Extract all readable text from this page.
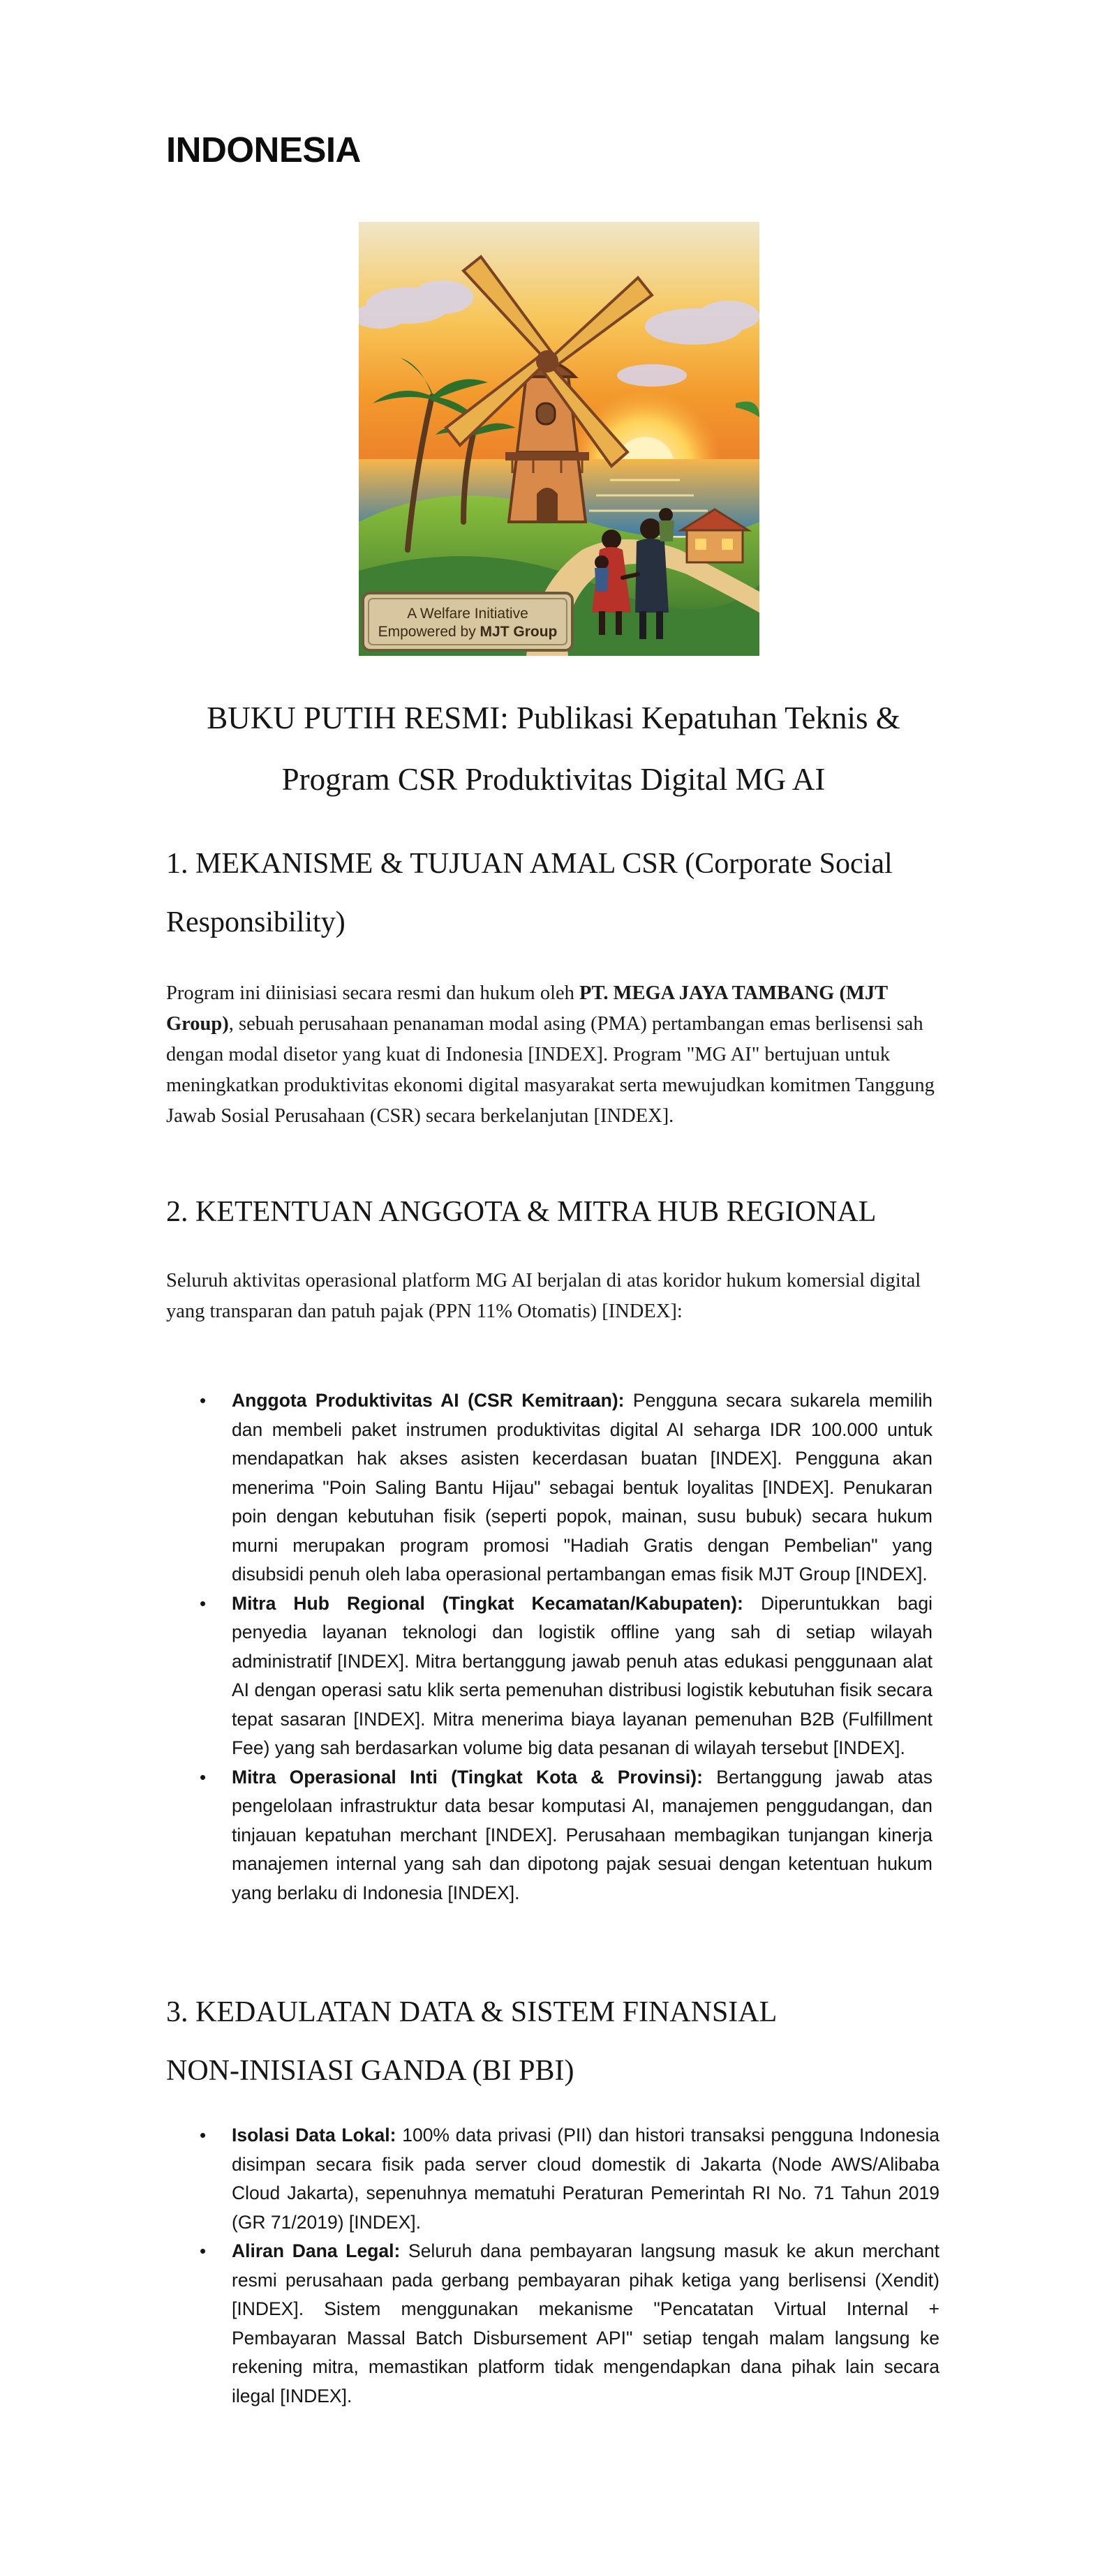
INDONESIA
A Welfare Initiative
Empowered by MJT Group
BUKU PUTIH RESMI: Publikasi Kepatuhan Teknis &
Program CSR Produktivitas Digital MG AI
1. MEKANISME & TUJUAN AMAL CSR (Corporate Social
Responsibility)

Program ini diinisiasi secara resmi dan hukum oleh PT. MEGA JAYA TAMBANG (MJT Group), sebuah perusahaan penanaman modal asing (PMA) pertambangan emas berlisensi sah dengan modal disetor yang kuat di Indonesia [INDEX]. Program "MG AI" bertujuan untuk meningkatkan produktivitas ekonomi digital masyarakat serta mewujudkan komitmen Tanggung Jawab Sosial Perusahaan (CSR) secara berkelanjutan [INDEX].

2. KETENTUAN ANGGOTA & MITRA HUB REGIONAL

Seluruh aktivitas operasional platform MG AI berjalan di atas koridor hukum komersial digital yang transparan dan patuh pajak (PPN 11% Otomatis) [INDEX]:

• Anggota Produktivitas AI (CSR Kemitraan): Pengguna secara sukarela memilih dan membeli paket instrumen produktivitas digital AI seharga IDR 100.000 untuk mendapatkan hak akses asisten kecerdasan buatan [INDEX]. Pengguna akan menerima "Poin Saling Bantu Hijau" sebagai bentuk loyalitas [INDEX]. Penukaran poin dengan kebutuhan fisik (seperti popok, mainan, susu bubuk) secara hukum murni merupakan program promosi "Hadiah Gratis dengan Pembelian" yang disubsidi penuh oleh laba operasional pertambangan emas fisik MJT Group [INDEX].
• Mitra Hub Regional (Tingkat Kecamatan/Kabupaten): Diperuntukkan bagi penyedia layanan teknologi dan logistik offline yang sah di setiap wilayah administratif [INDEX]. Mitra bertanggung jawab penuh atas edukasi penggunaan alat AI dengan operasi satu klik serta pemenuhan distribusi logistik kebutuhan fisik secara tepat sasaran [INDEX]. Mitra menerima biaya layanan pemenuhan B2B (Fulfillment Fee) yang sah berdasarkan volume big data pesanan di wilayah tersebut [INDEX].
• Mitra Operasional Inti (Tingkat Kota & Provinsi): Bertanggung jawab atas pengelolaan infrastruktur data besar komputasi AI, manajemen penggudangan, dan tinjauan kepatuhan merchant [INDEX]. Perusahaan membagikan tunjangan kinerja manajemen internal yang sah dan dipotong pajak sesuai dengan ketentuan hukum yang berlaku di Indonesia [INDEX].
3. KEDAULATAN DATA & SISTEM FINANSIAL
NON-INISIASI GANDA (BI PBI)
• Isolasi Data Lokal: 100% data privasi (PII) dan histori transaksi pengguna Indonesia disimpan secara fisik pada server cloud domestik di Jakarta (Node AWS/Alibaba Cloud Jakarta), sepenuhnya mematuhi Peraturan Pemerintah RI No. 71 Tahun 2019 (GR 71/2019) [INDEX].
• Aliran Dana Legal: Seluruh dana pembayaran langsung masuk ke akun merchant resmi perusahaan pada gerbang pembayaran pihak ketiga yang berlisensi (Xendit) [INDEX]. Sistem menggunakan mekanisme "Pencatatan Virtual Internal + Pembayaran Massal Batch Disbursement API" setiap tengah malam langsung ke rekening mitra, memastikan platform tidak mengendapkan dana pihak lain secara ilegal [INDEX].
